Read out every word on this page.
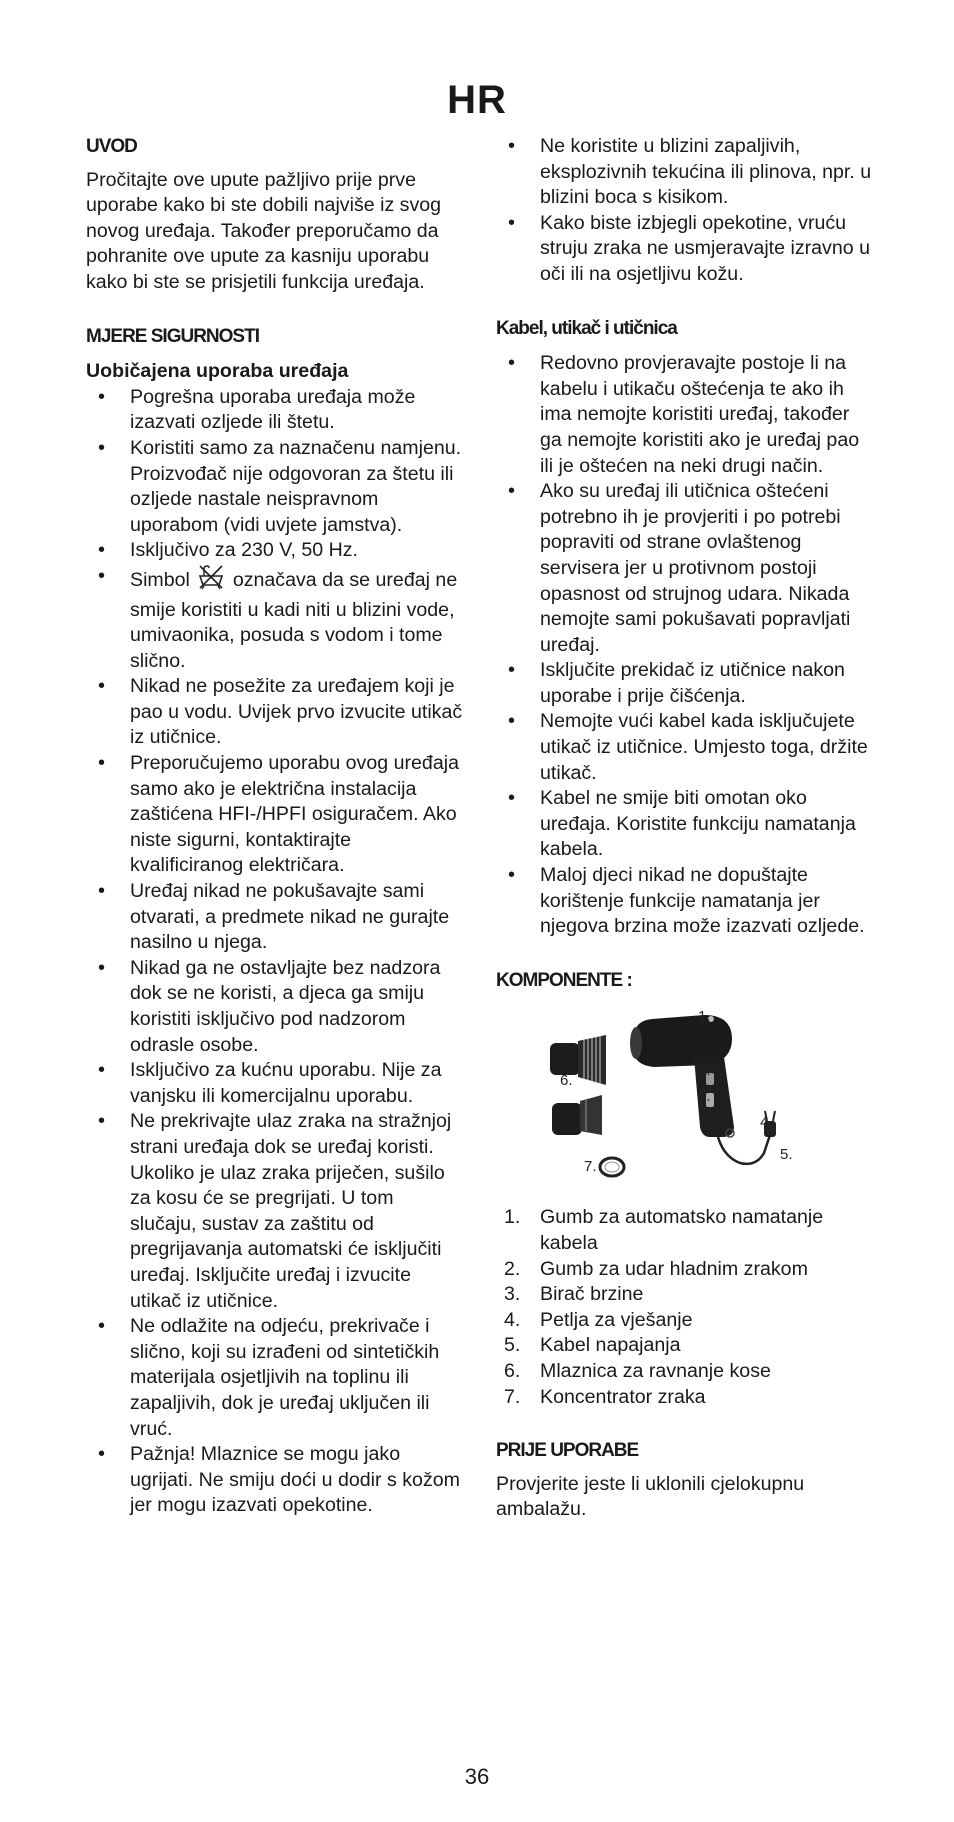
HR
UVOD

Pročitajte ove upute pažljivo prije prve uporabe kako bi ste dobili najviše iz svog novog uređaja. Također preporučamo da pohranite ove upute za kasniju uporabu kako bi ste se prisjetili funkcija uređaja.

MJERE SIGURNOSTI
Uobičajena uporaba uređaja
• Pogrešna uporaba uređaja može izazvati ozljede ili štetu.
• Koristiti samo za naznačenu namjenu. Proizvođač nije odgovoran za štetu ili ozljede nastale neispravnom uporabom (vidi uvjete jamstva).
• Isključivo za 230 V, 50 Hz.
• Simbol označava da se uređaj ne smije koristiti u kadi niti u blizini vode, umivaonika, posuda s vodom i tome slično.
• Nikad ne posežite za uređajem koji je pao u vodu. Uvijek prvo izvucite utikač iz utičnice.
• Preporučujemo uporabu ovog uređaja samo ako je električna instalacija zaštićena HFI-/HPFI osiguračem. Ako niste sigurni, kontaktirajte kvalificiranog električara.
• Uređaj nikad ne pokušavajte sami otvarati, a predmete nikad ne gurajte nasilno u njega.
• Nikad ga ne ostavljajte bez nadzora dok se ne koristi, a djeca ga smiju koristiti isključivo pod nadzorom odrasle osobe.
• Isključivo za kućnu uporabu. Nije za vanjsku ili komercijalnu uporabu.
• Ne prekrivajte ulaz zraka na stražnjoj strani uređaja dok se uređaj koristi. Ukoliko je ulaz zraka priječen, sušilo za kosu će se pregrijati. U tom slučaju, sustav za zaštitu od pregrijavanja automatski će isključiti uređaj. Isključite uređaj i izvucite utikač iz utičnice.
• Ne odlažite na odjeću, prekrivače i slično, koji su izrađeni od sintetičkih materijala osjetljivih na toplinu ili zapaljivih, dok je uređaj uključen ili vruć.
• Pažnja! Mlaznice se mogu jako ugrijati. Ne smiju doći u dodir s kožom jer mogu izazvati opekotine.
• Ne koristite u blizini zapaljivih, eksplozivnih tekućina ili plinova, npr. u blizini boca s kisikom.
• Kako biste izbjegli opekotine, vruću struju zraka ne usmjeravajte izravno u oči ili na osjetljivu kožu.
Kabel, utikač i utičnica
• Redovno provjeravajte postoje li na kabelu i utikaču oštećenja te ako ih ima nemojte koristiti uređaj, također ga nemojte koristiti ako je uređaj pao ili je oštećen na neki drugi način.
• Ako su uređaj ili utičnica oštećeni potrebno ih je provjeriti i po potrebi popraviti od strane ovlaštenog servisera jer u protivnom postoji opasnost od strujnog udara. Nikada nemojte sami pokušavati popravljati uređaj.
• Isključite prekidač iz utičnice nakon uporabe i prije čišćenja.
• Nemojte vući kabel kada isključujete utikač iz utičnice. Umjesto toga, držite utikač.
• Kabel ne smije biti omotan oko uređaja. Koristite funkciju namatanja kabela.
• Maloj djeci nikad ne dopuštajte korištenje funkcije namatanja jer njegova brzina može izazvati ozljede.
KOMPONENTE :
1.
2.
3.
4.
5.
6.
7.
1. Gumb za automatsko namatanje kabela
2. Gumb za udar hladnim zrakom
3. Birač brzine
4. Petlja za vješanje
5. Kabel napajanja
6. Mlaznica za ravnanje kose
7. Koncentrator zraka
PRIJE UPORABE

Provjerite jeste li uklonili cjelokupnu ambalažu.

36
